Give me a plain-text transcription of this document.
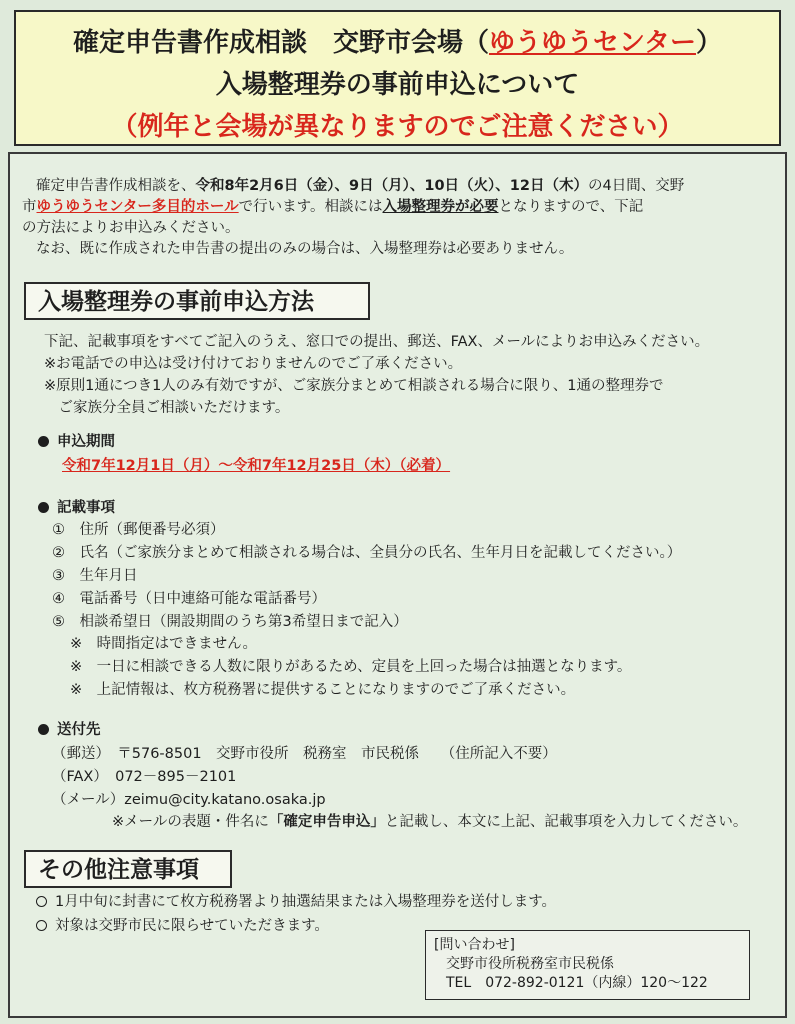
確定申告書作成相談　交野市会場（ゆうゆうセンター）
入場整理券の事前申込について
（例年と会場が異なりますのでご注意ください）
確定申告書作成相談を、令和8年2月6日（金）、9日（月）、10日（火）、12日（木）の4日間、交野
市ゆうゆうセンター多目的ホールで行います。相談には入場整理券が必要となりますので、下記
の方法によりお申込みください。
なお、既に作成された申告書の提出のみの場合は、入場整理券は必要ありません。
入場整理券の事前申込方法
下記、記載事項をすべてご記入のうえ、窓口での提出、郵送、FAX、メールによりお申込みください。
※お電話での申込は受け付けておりませんのでご了承ください。
※原則1通につき1人のみ有効ですが、ご家族分まとめて相談される場合に限り、1通の整理券で
　ご家族分全員ご相談いただけます。
申込期間
令和7年12月1日（月）～令和7年12月25日（木）（必着）
記載事項
①　住所（郵便番号必須）
②　氏名（ご家族分まとめて相談される場合は、全員分の氏名、生年月日を記載してください。）
③　生年月日
④　電話番号（日中連絡可能な電話番号）
⑤　相談希望日（開設期間のうち第3希望日まで記入）
※　時間指定はできません。
※　一日に相談できる人数に限りがあるため、定員を上回った場合は抽選となります。
※　上記情報は、枚方税務署に提供することになりますのでご了承ください。
送付先
（郵送）　〒576-8501　交野市役所　税務室　市民税係　　（住所記入不要）
（FAX）　072－895－2101
（メール）zeimu@city.katano.osaka.jp
※メールの表題・件名に「確定申告申込」と記載し、本文に上記、記載事項を入力してください。
その他注意事項
1月中旬に封書にて枚方税務署より抽選結果または入場整理券を送付します。
対象は交野市民に限らせていただきます。
[問い合わせ]
交野市役所税務室市民税係
TEL　072-892-0121（内線）120～122
